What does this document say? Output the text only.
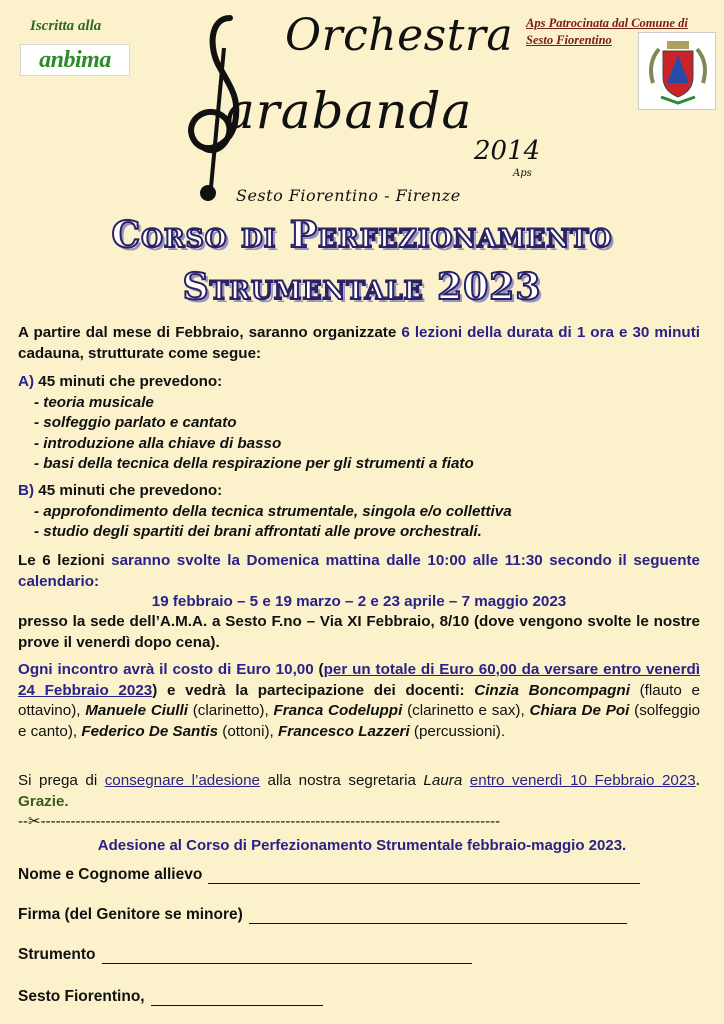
Iscritta alla
anbima
Aps Patrocinata dal Comune di
Sesto Fiorentino
Orchestra
arabanda
2014
Aps
Sesto Fiorentino - Firenze
Corso di Perfezionamento
Strumentale 2023
A partire dal mese di Febbraio, saranno organizzate 6 lezioni della durata di 1 ora e 30 minuti cadauna, strutturate come segue:
A) 45 minuti che prevedono:
- teoria musicale
- solfeggio parlato e cantato
- introduzione alla chiave di basso
- basi della tecnica della respirazione per gli strumenti a fiato
B) 45 minuti che prevedono:
- approfondimento della tecnica strumentale, singola e/o collettiva
- studio degli spartiti dei brani affrontati alle prove orchestrali.
Le 6 lezioni saranno svolte la Domenica mattina dalle 10:00 alle 11:30 secondo il seguente calendario:
19 febbraio – 5 e 19 marzo – 2 e 23 aprile – 7 maggio 2023
presso la sede dell’A.M.A. a Sesto F.no – Via XI Febbraio, 8/10 (dove vengono svolte le nostre prove il venerdì dopo cena).
Ogni incontro avrà il costo di Euro 10,00 (per un totale di Euro 60,00 da versare entro venerdì 24 Febbraio 2023) e vedrà la partecipazione dei docenti: Cinzia Boncompagni (flauto e ottavino), Manuele Ciulli (clarinetto), Franca Codeluppi (clarinetto e sax), Chiara De Poi (solfeggio e canto), Federico De Santis (ottoni), Francesco Lazzeri (percussioni).
Si prega di consegnare l’adesione alla nostra segretaria Laura entro venerdì 10 Febbraio 2023. Grazie.
--✂--------------------------------------------------------------------------------------------
Adesione al Corso di Perfezionamento Strumentale febbraio-maggio 2023.
Nome e Cognome allievo
Firma (del Genitore se minore)
Strumento
Sesto Fiorentino,
